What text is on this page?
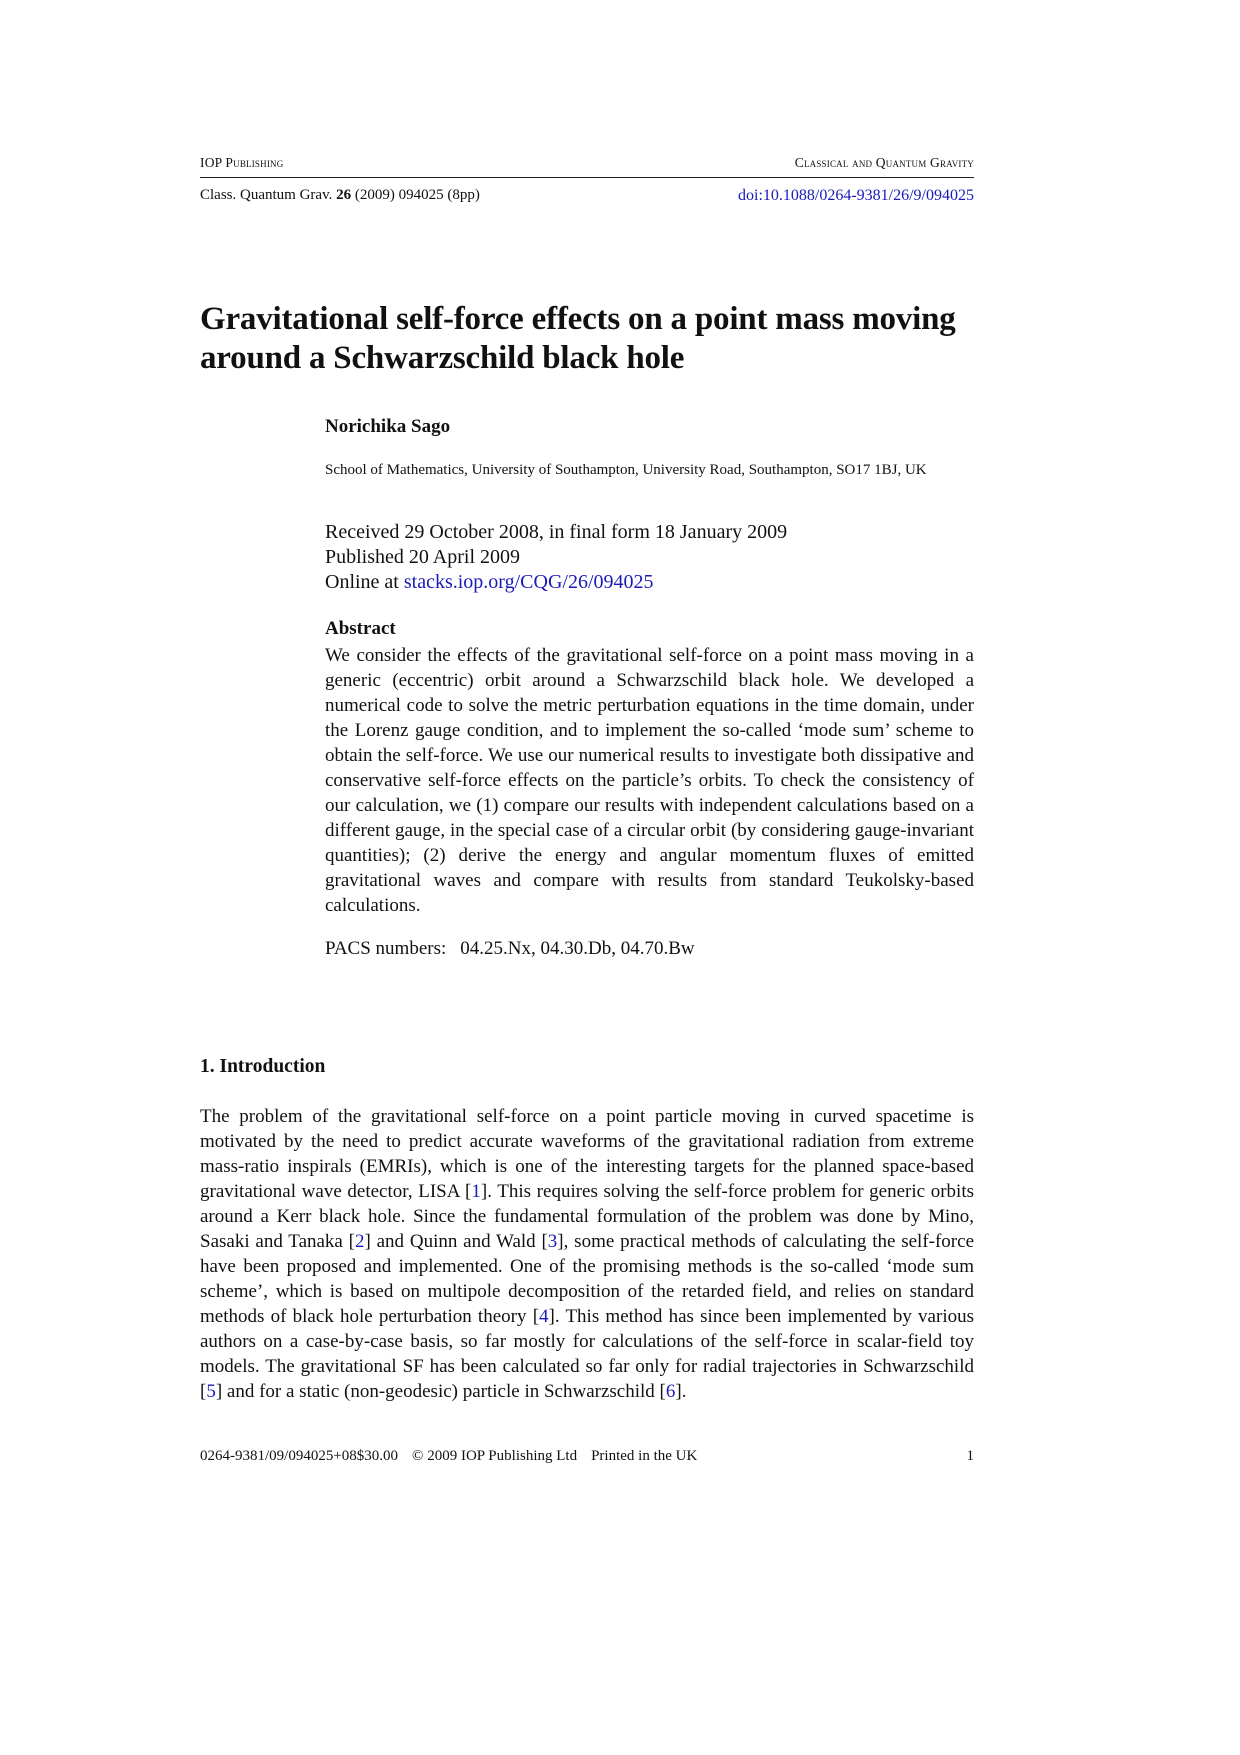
IOP Publishing	Classical and Quantum Gravity
Class. Quantum Grav. 26 (2009) 094025 (8pp)	doi:10.1088/0264-9381/26/9/094025
Gravitational self-force effects on a point mass moving around a Schwarzschild black hole
Norichika Sago
School of Mathematics, University of Southampton, University Road, Southampton, SO17 1BJ, UK
Received 29 October 2008, in final form 18 January 2009
Published 20 April 2009
Online at stacks.iop.org/CQG/26/094025
Abstract
We consider the effects of the gravitational self-force on a point mass moving in a generic (eccentric) orbit around a Schwarzschild black hole. We developed a numerical code to solve the metric perturbation equations in the time domain, under the Lorenz gauge condition, and to implement the so-called ‘mode sum’ scheme to obtain the self-force. We use our numerical results to investigate both dissipative and conservative self-force effects on the particle’s orbits. To check the consistency of our calculation, we (1) compare our results with independent calculations based on a different gauge, in the special case of a circular orbit (by considering gauge-invariant quantities); (2) derive the energy and angular momentum fluxes of emitted gravitational waves and compare with results from standard Teukolsky-based calculations.
PACS numbers: 04.25.Nx, 04.30.Db, 04.70.Bw
1. Introduction
The problem of the gravitational self-force on a point particle moving in curved spacetime is motivated by the need to predict accurate waveforms of the gravitational radiation from extreme mass-ratio inspirals (EMRIs), which is one of the interesting targets for the planned space-based gravitational wave detector, LISA [1]. This requires solving the self-force problem for generic orbits around a Kerr black hole. Since the fundamental formulation of the problem was done by Mino, Sasaki and Tanaka [2] and Quinn and Wald [3], some practical methods of calculating the self-force have been proposed and implemented. One of the promising methods is the so-called ‘mode sum scheme’, which is based on multipole decomposition of the retarded field, and relies on standard methods of black hole perturbation theory [4]. This method has since been implemented by various authors on a case-by-case basis, so far mostly for calculations of the self-force in scalar-field toy models. The gravitational SF has been calculated so far only for radial trajectories in Schwarzschild [5] and for a static (non-geodesic) particle in Schwarzschild [6].
0264-9381/09/094025+08$30.00 © 2009 IOP Publishing Ltd Printed in the UK	1
